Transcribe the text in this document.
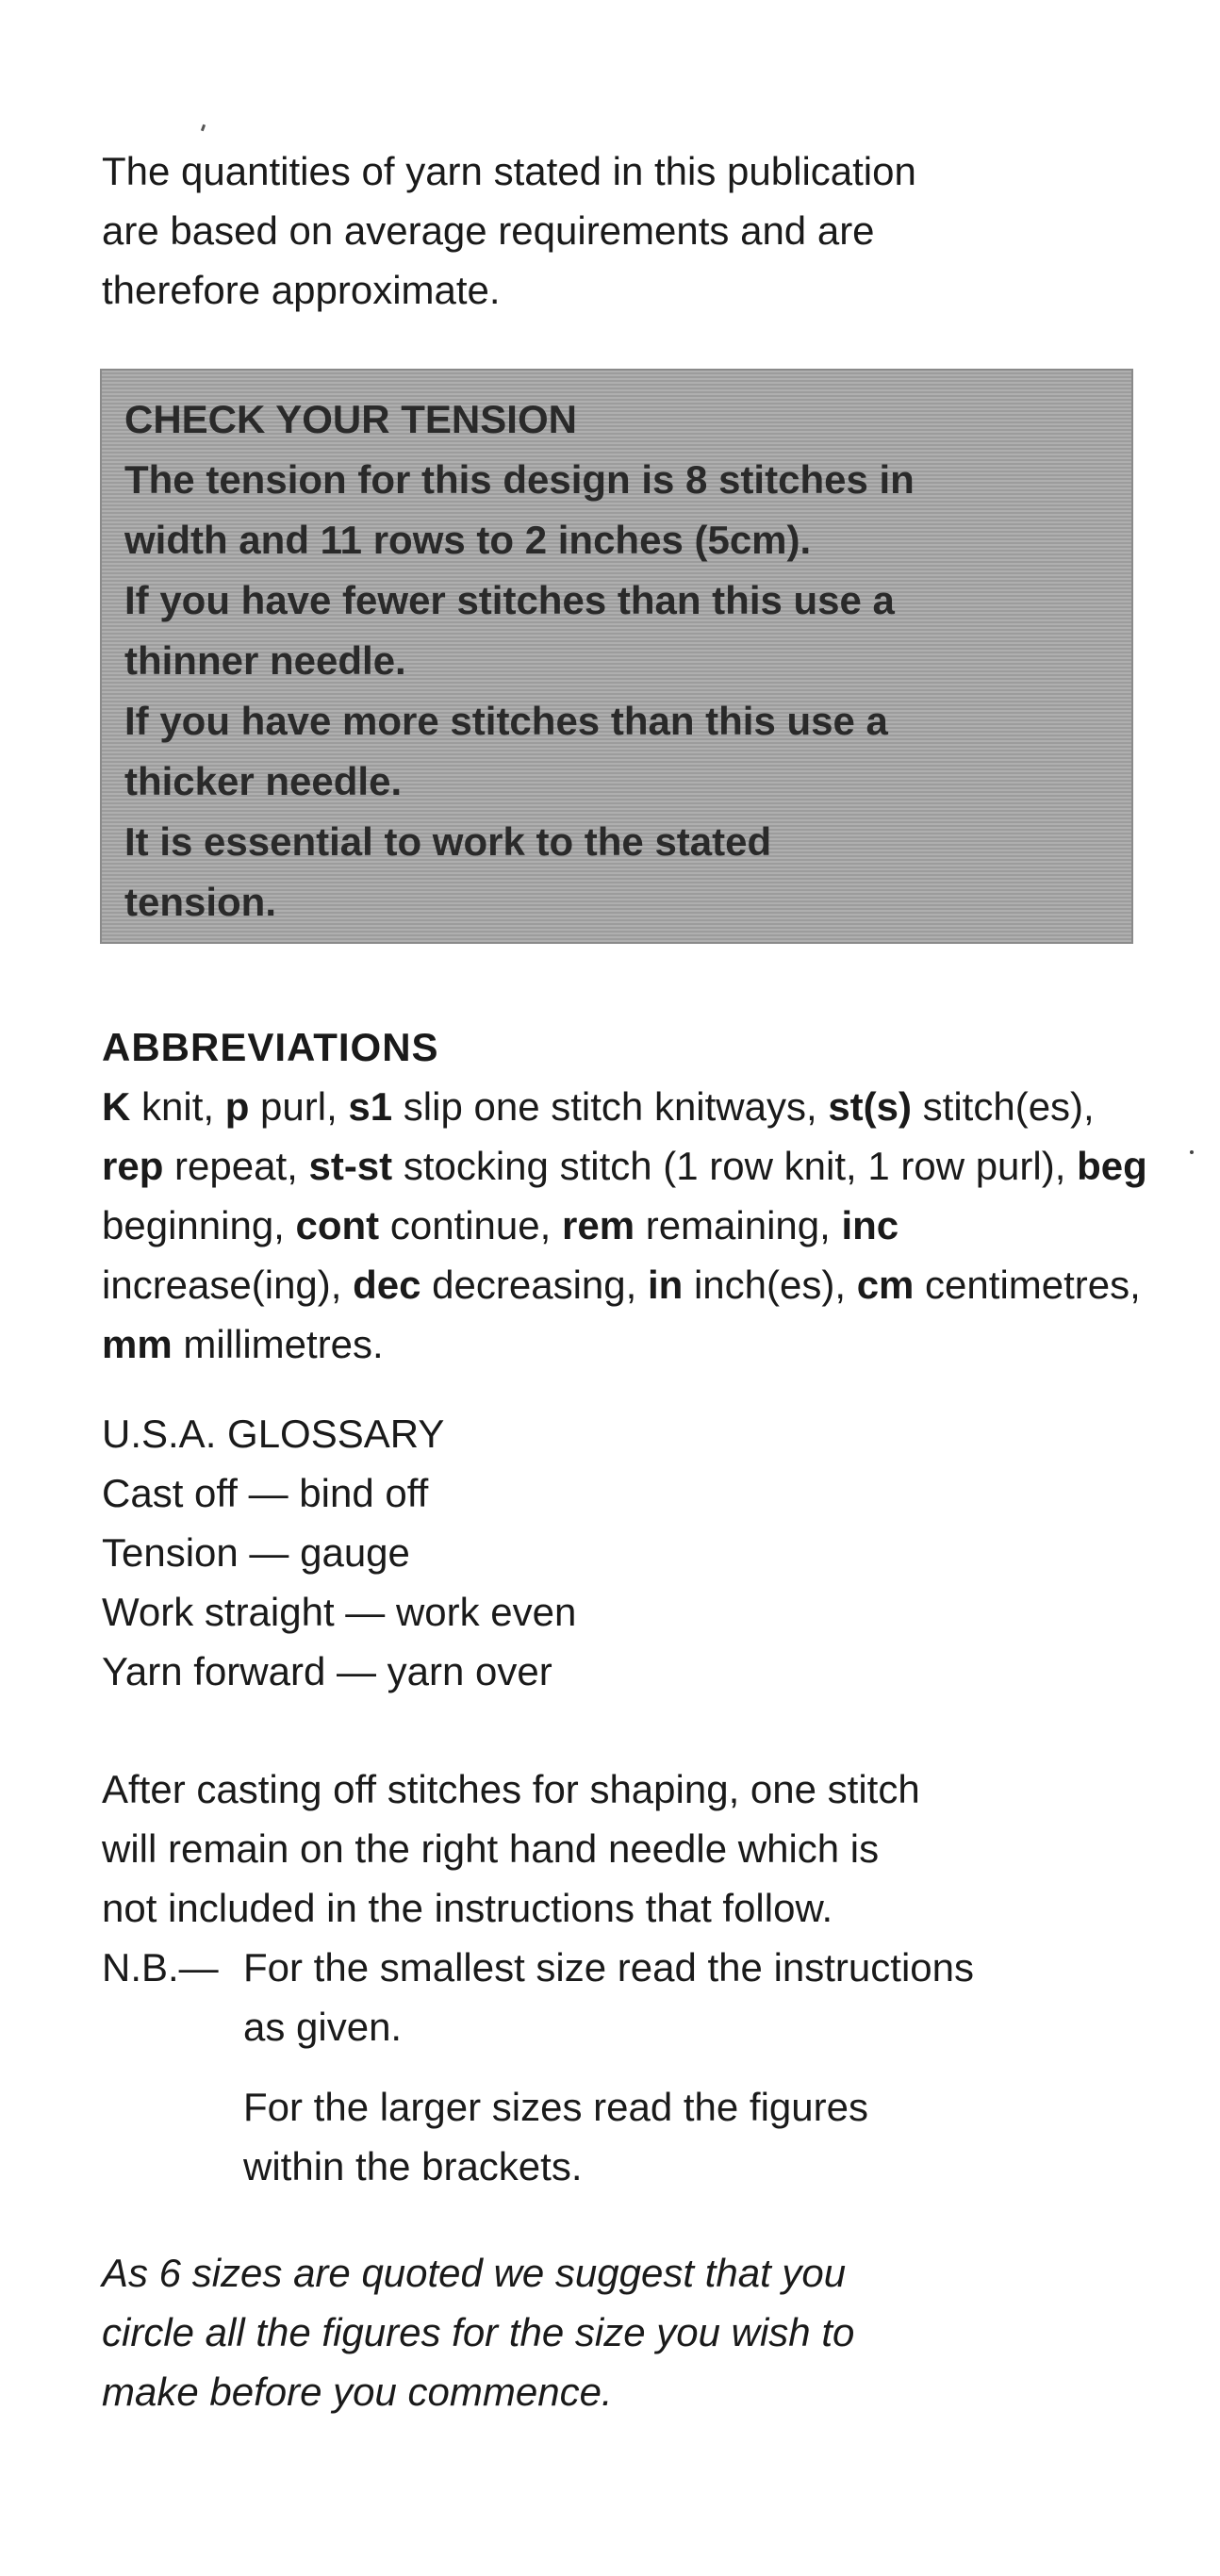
The quantities of yarn stated in this publication

are based on average requirements and are

therefore approximate.

CHECK YOUR TENSION

The tension for this design is 8 stitches in

width and 11 rows to 2 inches (5cm).

If you have fewer stitches than this use a

thinner needle.

If you have more stitches than this use a

thicker needle.

It is essential to work to the stated

tension.

ABBREVIATIONS

K knit, p purl, s1 slip one stitch knitways, st(s) stitch(es), rep repeat, st-st stocking stitch (1 row knit, 1 row purl), beg beginning, cont continue, rem remaining, inc increase(ing), dec decreasing, in inch(es), cm centimetres, mm millimetres.

U.S.A. GLOSSARY

Cast off — bind off

Tension — gauge

Work straight — work even

Yarn forward — yarn over

After casting off stitches for shaping, one stitch

will remain on the right hand needle which is

not included in the instructions that follow.

N.B.— For the smallest size read the instructions
as given.

For the larger sizes read the figures

within the brackets.

As 6 sizes are quoted we suggest that you

circle all the figures for the size you wish to

make before you commence.
